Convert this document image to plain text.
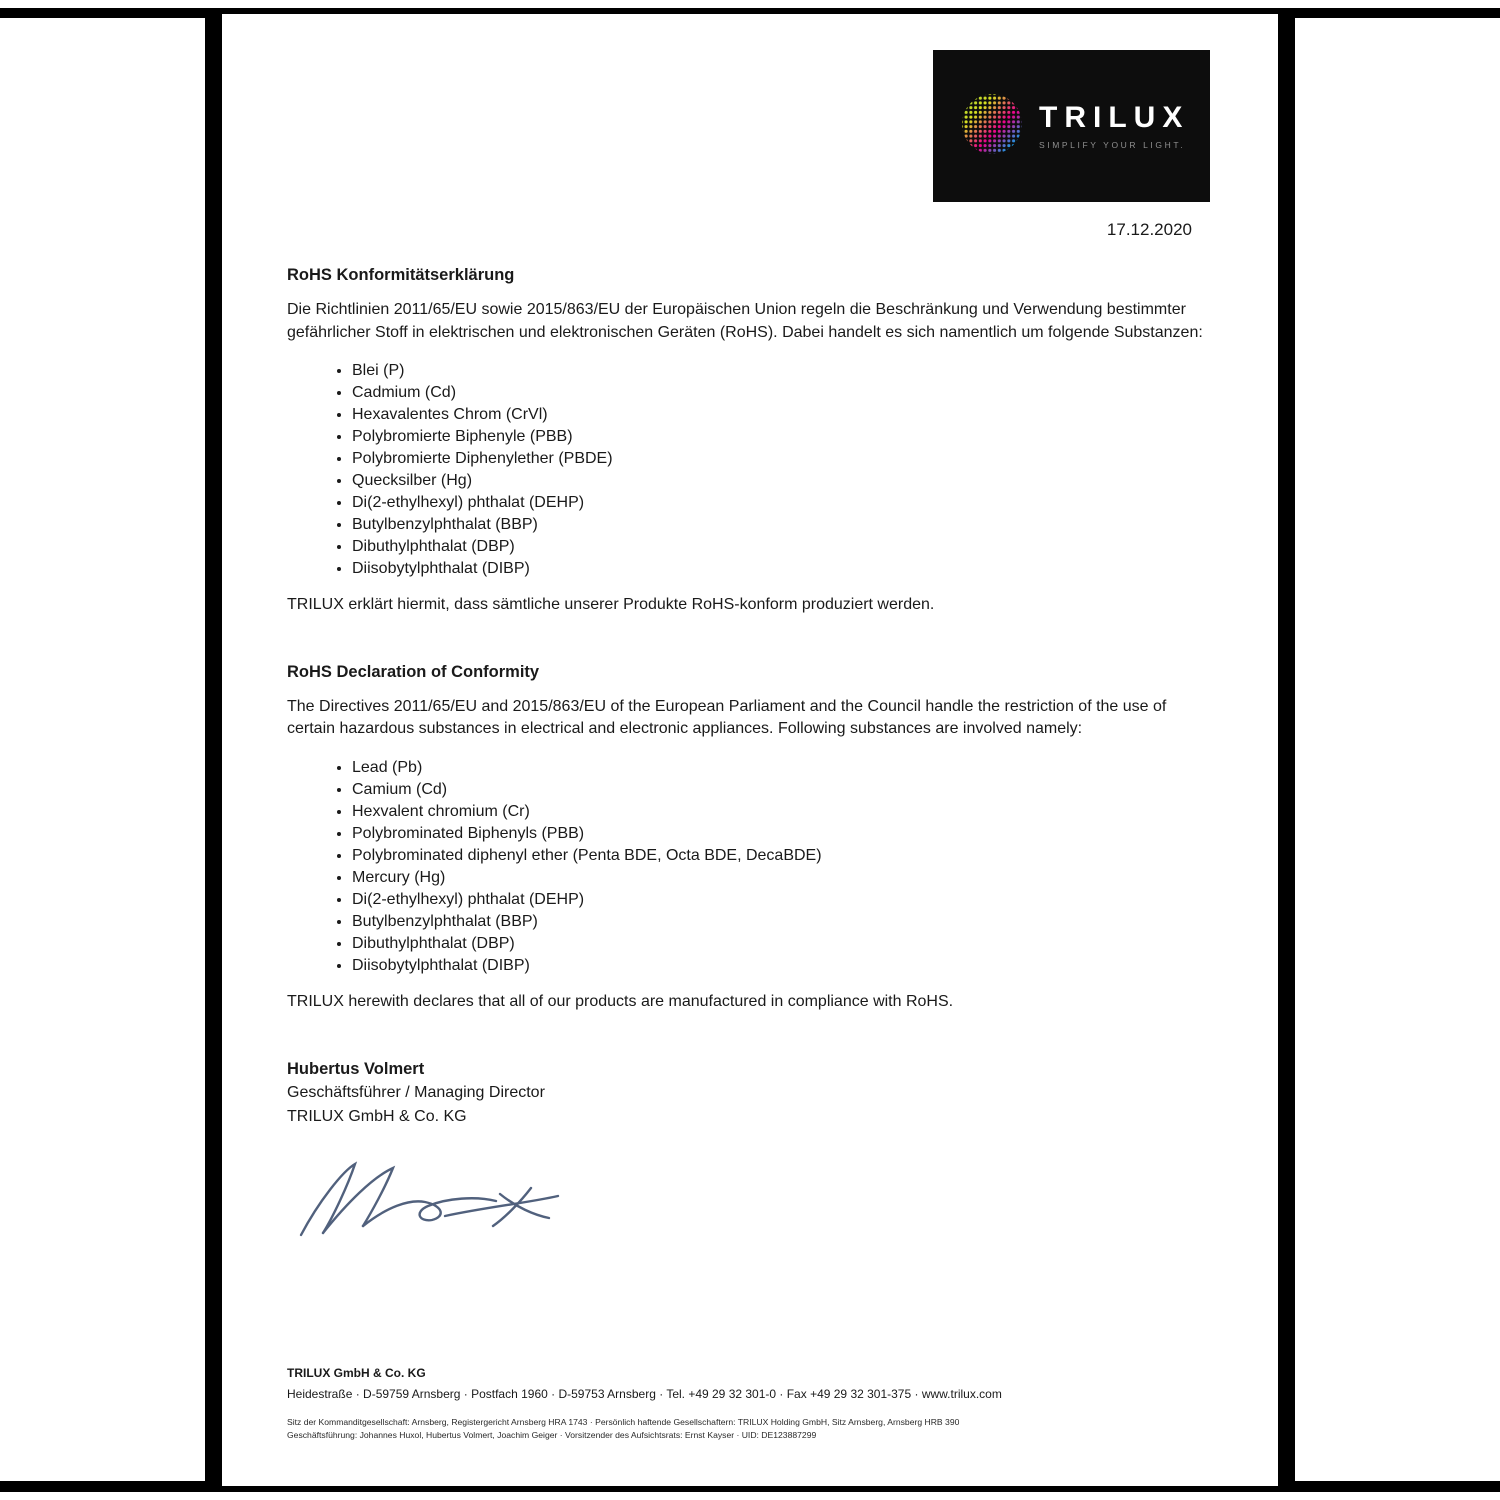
TRILUX
SIMPLIFY YOUR LIGHT.
17.12.2020
RoHS Konformitätserklärung

Die Richtlinien 2011/65/EU sowie 2015/863/EU der Europäischen Union regeln die Beschränkung und Verwendung bestimmter gefährlicher Stoff in elektrischen und elektronischen Geräten (RoHS). Dabei handelt es sich namentlich um folgende Substanzen:

• Blei (P)
• Cadmium (Cd)
• Hexavalentes Chrom (CrVl)
• Polybromierte Biphenyle (PBB)
• Polybromierte Diphenylether (PBDE)
• Quecksilber (Hg)
• Di(2-ethylhexyl) phthalat (DEHP)
• Butylbenzylphthalat (BBP)
• Dibuthylphthalat (DBP)
• Diisobytylphthalat (DIBP)

TRILUX erklärt hiermit, dass sämtliche unserer Produkte RoHS-konform produziert werden.

RoHS Declaration of Conformity

The Directives 2011/65/EU and 2015/863/EU of the European Parliament and the Council handle the restriction of the use of certain hazardous substances in electrical and electronic appliances. Following substances are involved namely:

• Lead (Pb)
• Camium (Cd)
• Hexvalent chromium (Cr)
• Polybrominated Biphenyls (PBB)
• Polybrominated diphenyl ether (Penta BDE, Octa BDE, DecaBDE)
• Mercury (Hg)
• Di(2-ethylhexyl) phthalat (DEHP)
• Butylbenzylphthalat (BBP)
• Dibuthylphthalat (DBP)
• Diisobytylphthalat (DIBP)

TRILUX herewith declares that all of our products are manufactured in compliance with RoHS.

Hubertus Volmert
Geschäftsführer / Managing Director
TRILUX GmbH & Co. KG
TRILUX GmbH & Co. KG
Heidestraße · D-59759 Arnsberg · Postfach 1960 · D-59753 Arnsberg · Tel. +49 29 32 301-0 · Fax +49 29 32 301-375 · www.trilux.com
Sitz der Kommanditgesellschaft: Arnsberg, Registergericht Arnsberg HRA 1743 · Persönlich haftende Gesellschaftern: TRILUX Holding GmbH, Sitz Arnsberg, Arnsberg HRB 390
Geschäftsführung: Johannes Huxol, Hubertus Volmert, Joachim Geiger · Vorsitzender des Aufsichtsrats: Ernst Kayser · UID: DE123887299
